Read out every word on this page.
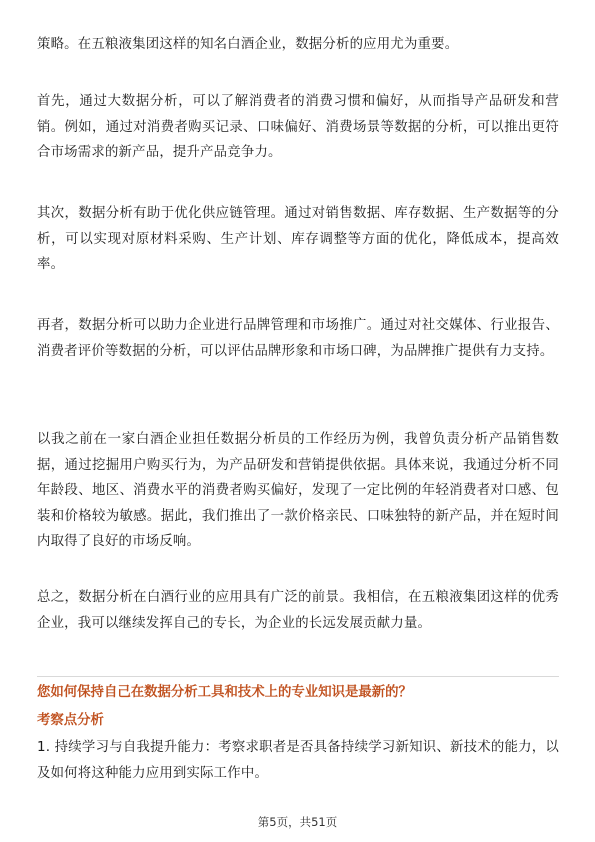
策略。在五粮液集团这样的知名白酒企业，数据分析的应用尤为重要。

首先，通过大数据分析，可以了解消费者的消费习惯和偏好，从而指导产品研发和营销。例如，通过对消费者购买记录、口味偏好、消费场景等数据的分析，可以推出更符合市场需求的新产品，提升产品竞争力。

其次，数据分析有助于优化供应链管理。通过对销售数据、库存数据、生产数据等的分析，可以实现对原材料采购、生产计划、库存调整等方面的优化，降低成本，提高效率。

再者，数据分析可以助力企业进行品牌管理和市场推广。通过对社交媒体、行业报告、消费者评价等数据的分析，可以评估品牌形象和市场口碑，为品牌推广提供有力支持。

以我之前在一家白酒企业担任数据分析员的工作经历为例，我曾负责分析产品销售数据，通过挖掘用户购买行为，为产品研发和营销提供依据。具体来说，我通过分析不同年龄段、地区、消费水平的消费者购买偏好，发现了一定比例的年轻消费者对口感、包装和价格较为敏感。据此，我们推出了一款价格亲民、口味独特的新产品，并在短时间内取得了良好的市场反响。

总之，数据分析在白酒行业的应用具有广泛的前景。我相信，在五粮液集团这样的优秀企业，我可以继续发挥自己的专长，为企业的长远发展贡献力量。

您如何保持自己在数据分析工具和技术上的专业知识是最新的？

考察点分析

1. 持续学习与自我提升能力：考察求职者是否具备持续学习新知识、新技术的能力，以及如何将这种能力应用到实际工作中。

第5页，共51页
